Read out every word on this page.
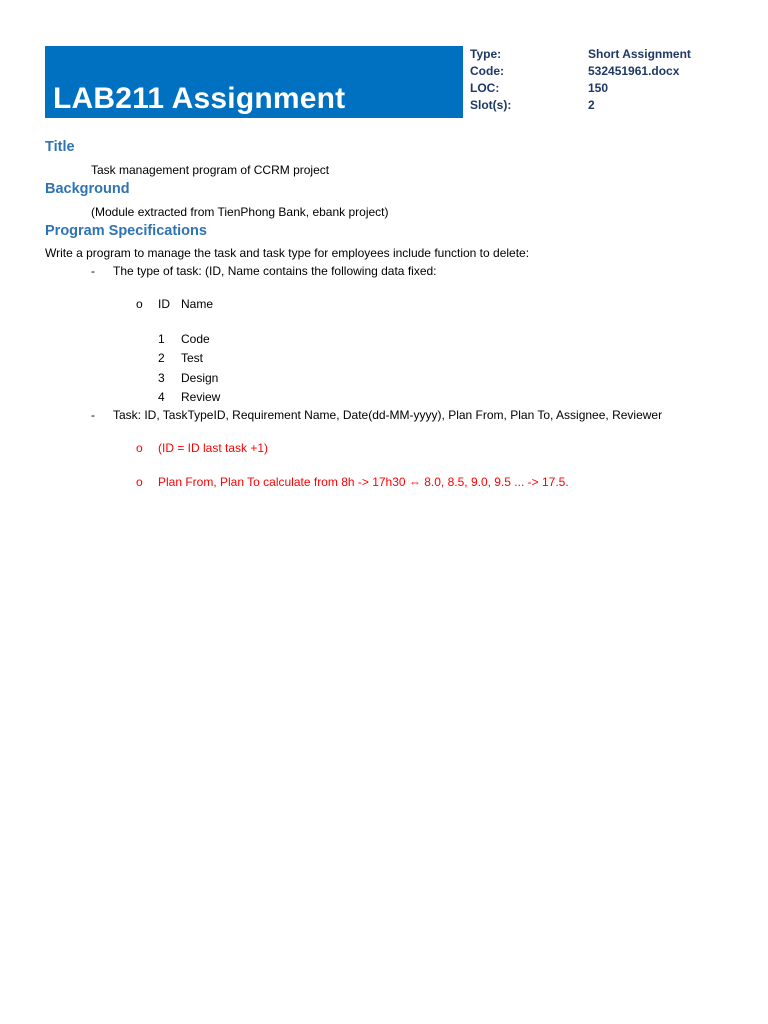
LAB211 Assignment
Type:	Short Assignment
Code:	532451961.docx
LOC:	150
Slot(s):	2
Title
Task management program of CCRM project
Background
(Module extracted from TienPhong Bank, ebank project)
Program Specifications
Write a program to manage the task and task type for employees include function to delete:
- The type of task: (ID, Name contains the following data fixed:
o ID Name
1	Code
2	Test
3	Design
4	Review
- Task: ID, TaskTypeID, Requirement Name, Date(dd-MM-yyyy), Plan From, Plan To, Assignee, Reviewer
o (ID = ID last task +1)
o Plan From, Plan To calculate from 8h -> 17h30 ⇔ 8.0, 8.5, 9.0, 9.5 ... -> 17.5.
